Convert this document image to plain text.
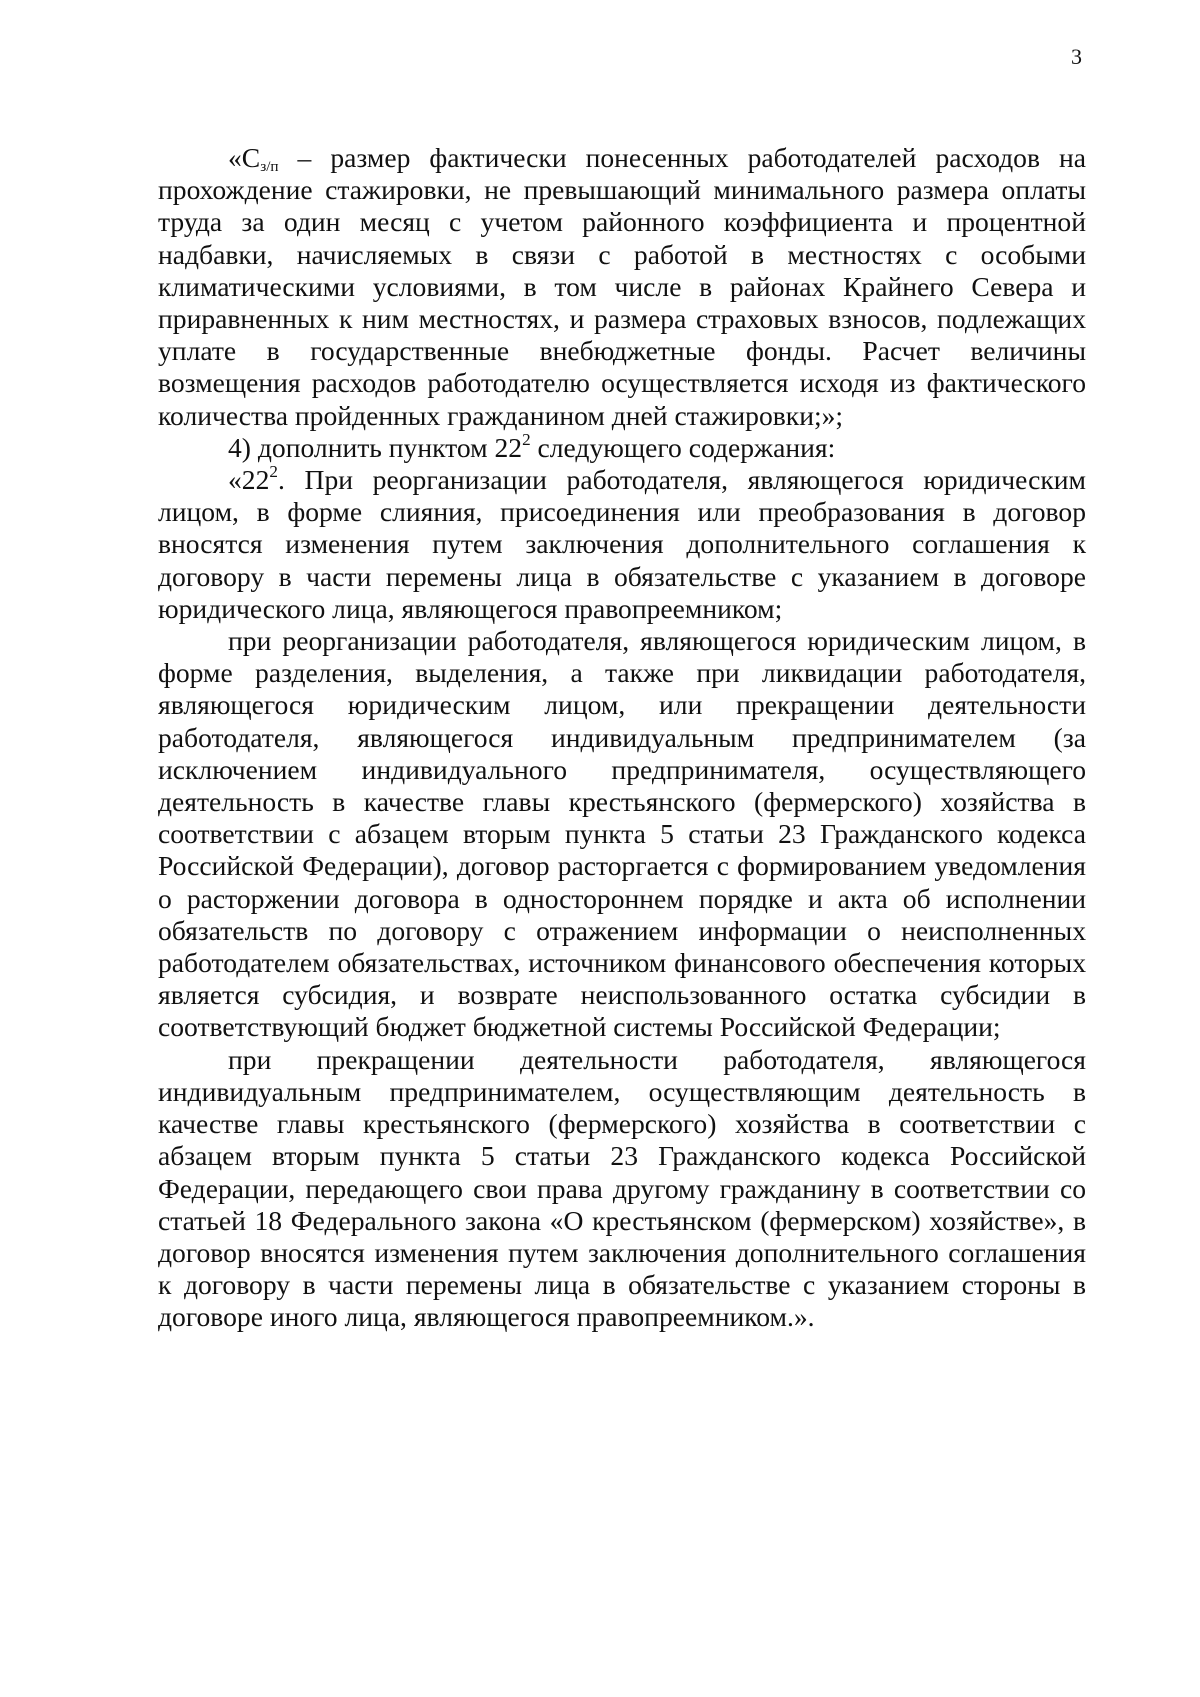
3

«$С_{з/п}$ – размер фактически понесенных работодателей расходов на прохождение стажировки, не превышающий минимального размера оплаты труда за один месяц с учетом районного коэффициента и процентной надбавки, начисляемых в связи с работой в местностях с особыми климатическими условиями, в том числе в районах Крайнего Севера и приравненных к ним местностях, и размера страховых взносов, подлежащих уплате в государственные внебюджетные фонды. Расчет величины возмещения расходов работодателю осуществляется исходя из фактического количества пройденных гражданином дней стажировки;»;

4) дополнить пунктом $22^2$ следующего содержания:

«$22^2$. При реорганизации работодателя, являющегося юридическим лицом, в форме слияния, присоединения или преобразования в договор вносятся изменения путем заключения дополнительного соглашения к договору в части перемены лица в обязательстве с указанием в договоре юридического лица, являющегося правопреемником;

при реорганизации работодателя, являющегося юридическим лицом, в форме разделения, выделения, а также при ликвидации работодателя, являющегося юридическим лицом, или прекращении деятельности работодателя, являющегося индивидуальным предпринимателем (за исключением индивидуального предпринимателя, осуществляющего деятельность в качестве главы крестьянского (фермерского) хозяйства в соответствии с абзацем вторым пункта 5 статьи 23 Гражданского кодекса Российской Федерации), договор расторгается с формированием уведомления о расторжении договора в одностороннем порядке и акта об исполнении обязательств по договору с отражением информации о неисполненных работодателем обязательствах, источником финансового обеспечения которых является субсидия, и возврате неиспользованного остатка субсидии в соответствующий бюджет бюджетной системы Российской Федерации;

при прекращении деятельности работодателя, являющегося индивидуальным предпринимателем, осуществляющим деятельность в качестве главы крестьянского (фермерского) хозяйства в соответствии с абзацем вторым пункта 5 статьи 23 Гражданского кодекса Российской Федерации, передающего свои права другому гражданину в соответствии со статьей 18 Федерального закона «О крестьянском (фермерском) хозяйстве», в договор вносятся изменения путем заключения дополнительного соглашения к договору в части перемены лица в обязательстве с указанием стороны в договоре иного лица, являющегося правопреемником.».
